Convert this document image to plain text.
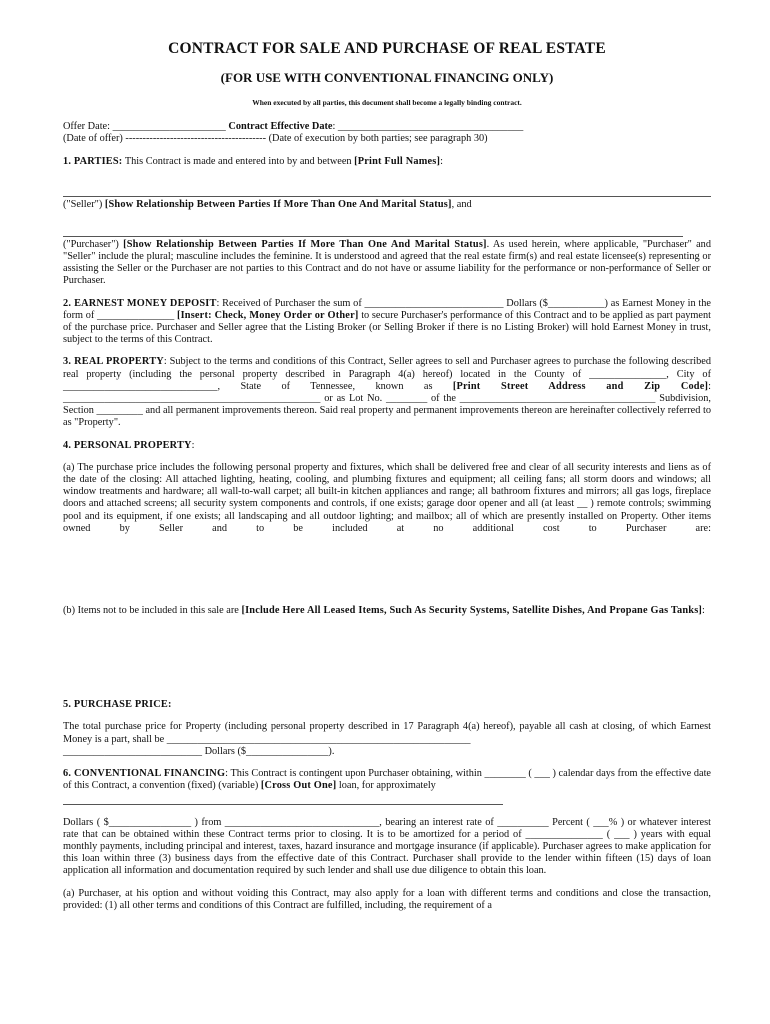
CONTRACT FOR SALE AND PURCHASE OF REAL ESTATE
(FOR USE WITH CONVENTIONAL FINANCING ONLY)
When executed by all parties, this document shall become a legally binding contract.

Offer Date: ______________________ Contract Effective Date: ____________________________________

(Date of offer) ----------------------------------------- (Date of execution by both parties; see paragraph 30)

1. PARTIES: This Contract is made and entered into by and between [Print Full Names]:

("Seller") [Show Relationship Between Parties If More Than One And Marital Status], and

("Purchaser") [Show Relationship Between Parties If More Than One And Marital Status]. As used herein, where applicable, "Purchaser" and "Seller" include the plural; masculine includes the feminine. It is understood and agreed that the real estate firm(s) and real estate licensee(s) representing or assisting the Seller or the Purchaser are not parties to this Contract and do not have or assume liability for the performance or non-performance of Seller or Purchaser.

2. EARNEST MONEY DEPOSIT: Received of Purchaser the sum of ___________________________ Dollars ($___________) as Earnest Money in the form of _______________ [Insert: Check, Money Order or Other] to secure Purchaser's performance of this Contract and to be applied as part payment of the purchase price. Purchaser and Seller agree that the Listing Broker (or Selling Broker if there is no Listing Broker) will hold Earnest Money in trust, subject to the terms of this Contract.

3. REAL PROPERTY: Subject to the terms and conditions of this Contract, Seller agrees to sell and Purchaser agrees to purchase the following described real property (including the personal property described in Paragraph 4(a) hereof) located in the County of _______________, City of ______________________________, State of Tennessee, known as [Print Street Address and Zip Code]: __________________________________________________ or as Lot No. ________ of the ______________________________________ Subdivision, Section _________ and all permanent improvements thereon. Said real property and permanent improvements thereon are hereinafter collectively referred to as "Property".

4. PERSONAL PROPERTY:

(a) The purchase price includes the following personal property and fixtures, which shall be delivered free and clear of all security interests and liens as of the date of the closing: All attached lighting, heating, cooling, and plumbing fixtures and equipment; all ceiling fans; all storm doors and windows; all window treatments and hardware; all wall-to-wall carpet; all built-in kitchen appliances and range; all bathroom fixtures and mirrors; all gas logs, fireplace doors and attached screens; all security system components and controls, if one exists; garage door opener and all (at least __ ) remote controls; swimming pool and its equipment, if one exists; all landscaping and all outdoor lighting; and mailbox; all of which are presently installed on Property. Other items owned by Seller and to be included at no additional cost to Purchaser are:

(b) Items not to be included in this sale are [Include Here All Leased Items, Such As Security Systems, Satellite Dishes, And Propane Gas Tanks]:

5. PURCHASE PRICE:

The total purchase price for Property (including personal property described in 17 Paragraph 4(a) hereof), payable all cash at closing, of which Earnest Money is a part, shall be ___________________________________________________________

___________________________ Dollars ($________________).

6. CONVENTIONAL FINANCING: This Contract is contingent upon Purchaser obtaining, within ________ ( ___ ) calendar days from the effective date of this Contract, a convention (fixed) (variable) [Cross Out One] loan, for approximately

Dollars ( $________________ ) from ______________________________, bearing an interest rate of __________ Percent ( ___% ) or whatever interest rate that can be obtained within these Contract terms prior to closing. It is to be amortized for a period of _______________ ( ___ ) years with equal monthly payments, including principal and interest, taxes, hazard insurance and mortgage insurance (if applicable). Purchaser agrees to make application for this loan within three (3) business days from the effective date of this Contract. Purchaser shall provide to the lender within fifteen (15) days of loan application all information and documentation required by such lender and shall use due diligence to obtain this loan.

(a) Purchaser, at his option and without voiding this Contract, may also apply for a loan with different terms and conditions and close the transaction, provided: (1) all other terms and conditions of this Contract are fulfilled, including, the requirement of a
